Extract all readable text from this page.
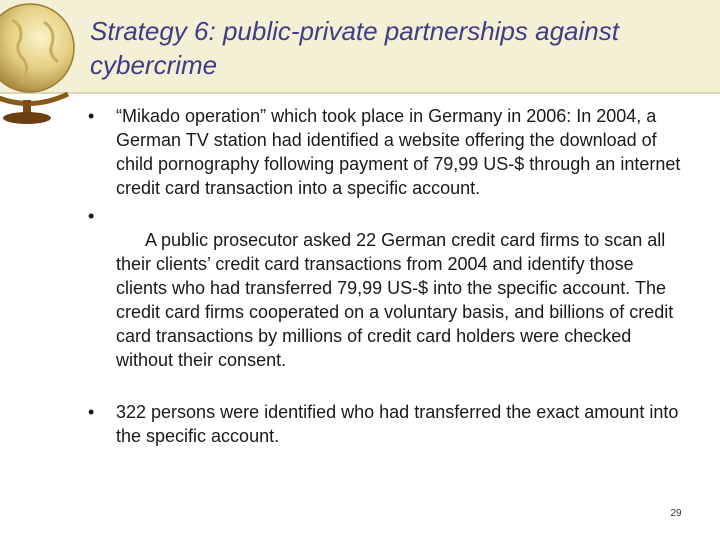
Strategy 6: public-private partnerships against cybercrime
• “Mikado operation” which took place in Germany in 2006: In 2004, a German TV station had identified a website offering the download of child pornography following payment of 79,99 US-$ through an internet credit card transaction into a specific account.

•
A public prosecutor asked 22 German credit card firms to scan all their clients’ credit card transactions from 2004 and identify those clients who had transferred 79,99 US-$ into the specific account. The credit card firms cooperated on a voluntary basis, and billions of credit card transactions by millions of credit card holders were checked without their consent.

• 322 persons were identified who had transferred the exact amount into the specific account.
29
